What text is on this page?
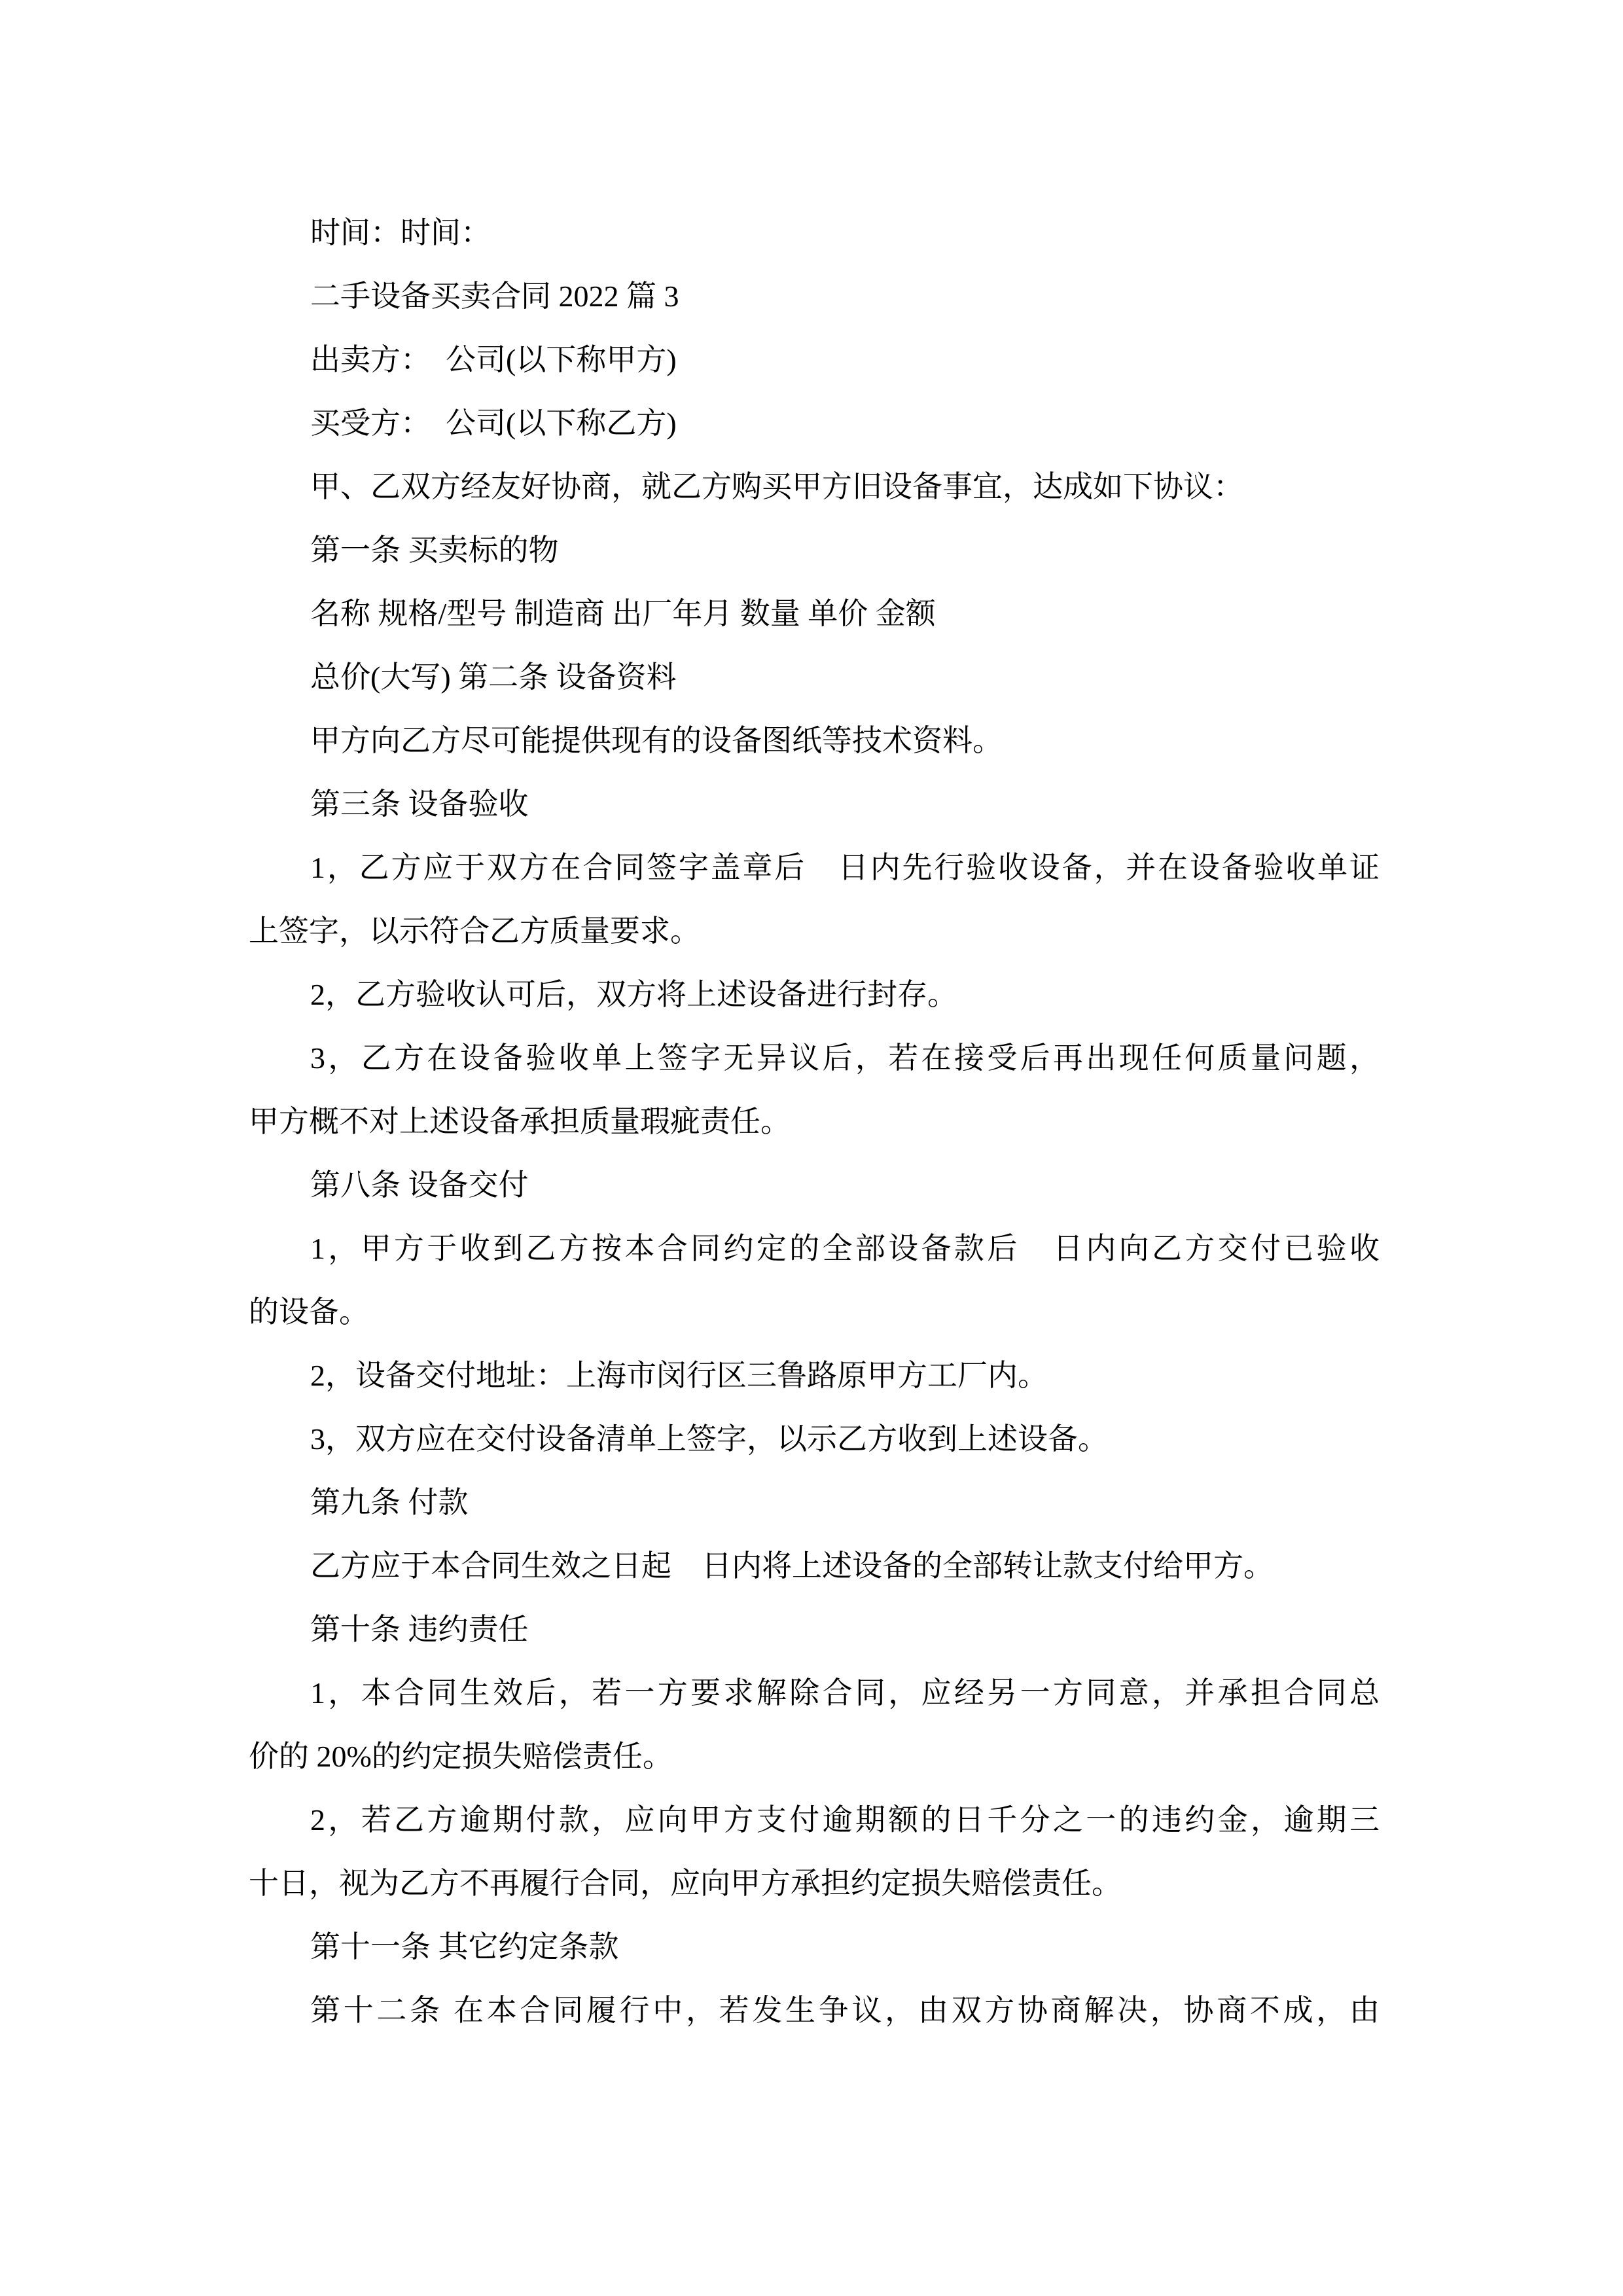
时间：时间：
二手设备买卖合同 2022 篇 3
出卖方：　公司(以下称甲方)
买受方：　公司(以下称乙方)
甲、乙双方经友好协商，就乙方购买甲方旧设备事宜，达成如下协议：
第一条 买卖标的物
名称 规格/型号 制造商 出厂年月 数量 单价 金额
总价(大写) 第二条 设备资料
甲方向乙方尽可能提供现有的设备图纸等技术资料。
第三条 设备验收
1，乙方应于双方在合同签字盖章后　日内先行验收设备，并在设备验收单证
上签字，以示符合乙方质量要求。
2，乙方验收认可后，双方将上述设备进行封存。
3，乙方在设备验收单上签字无异议后，若在接受后再出现任何质量问题，
甲方概不对上述设备承担质量瑕疵责任。
第八条 设备交付
1，甲方于收到乙方按本合同约定的全部设备款后　日内向乙方交付已验收
的设备。
2，设备交付地址：上海市闵行区三鲁路原甲方工厂内。
3，双方应在交付设备清单上签字，以示乙方收到上述设备。
第九条 付款
乙方应于本合同生效之日起　日内将上述设备的全部转让款支付给甲方。
第十条 违约责任
1，本合同生效后，若一方要求解除合同，应经另一方同意，并承担合同总
价的 20%的约定损失赔偿责任。
2，若乙方逾期付款，应向甲方支付逾期额的日千分之一的违约金，逾期三
十日，视为乙方不再履行合同，应向甲方承担约定损失赔偿责任。
第十一条 其它约定条款
第十二条 在本合同履行中，若发生争议，由双方协商解决，协商不成，由
